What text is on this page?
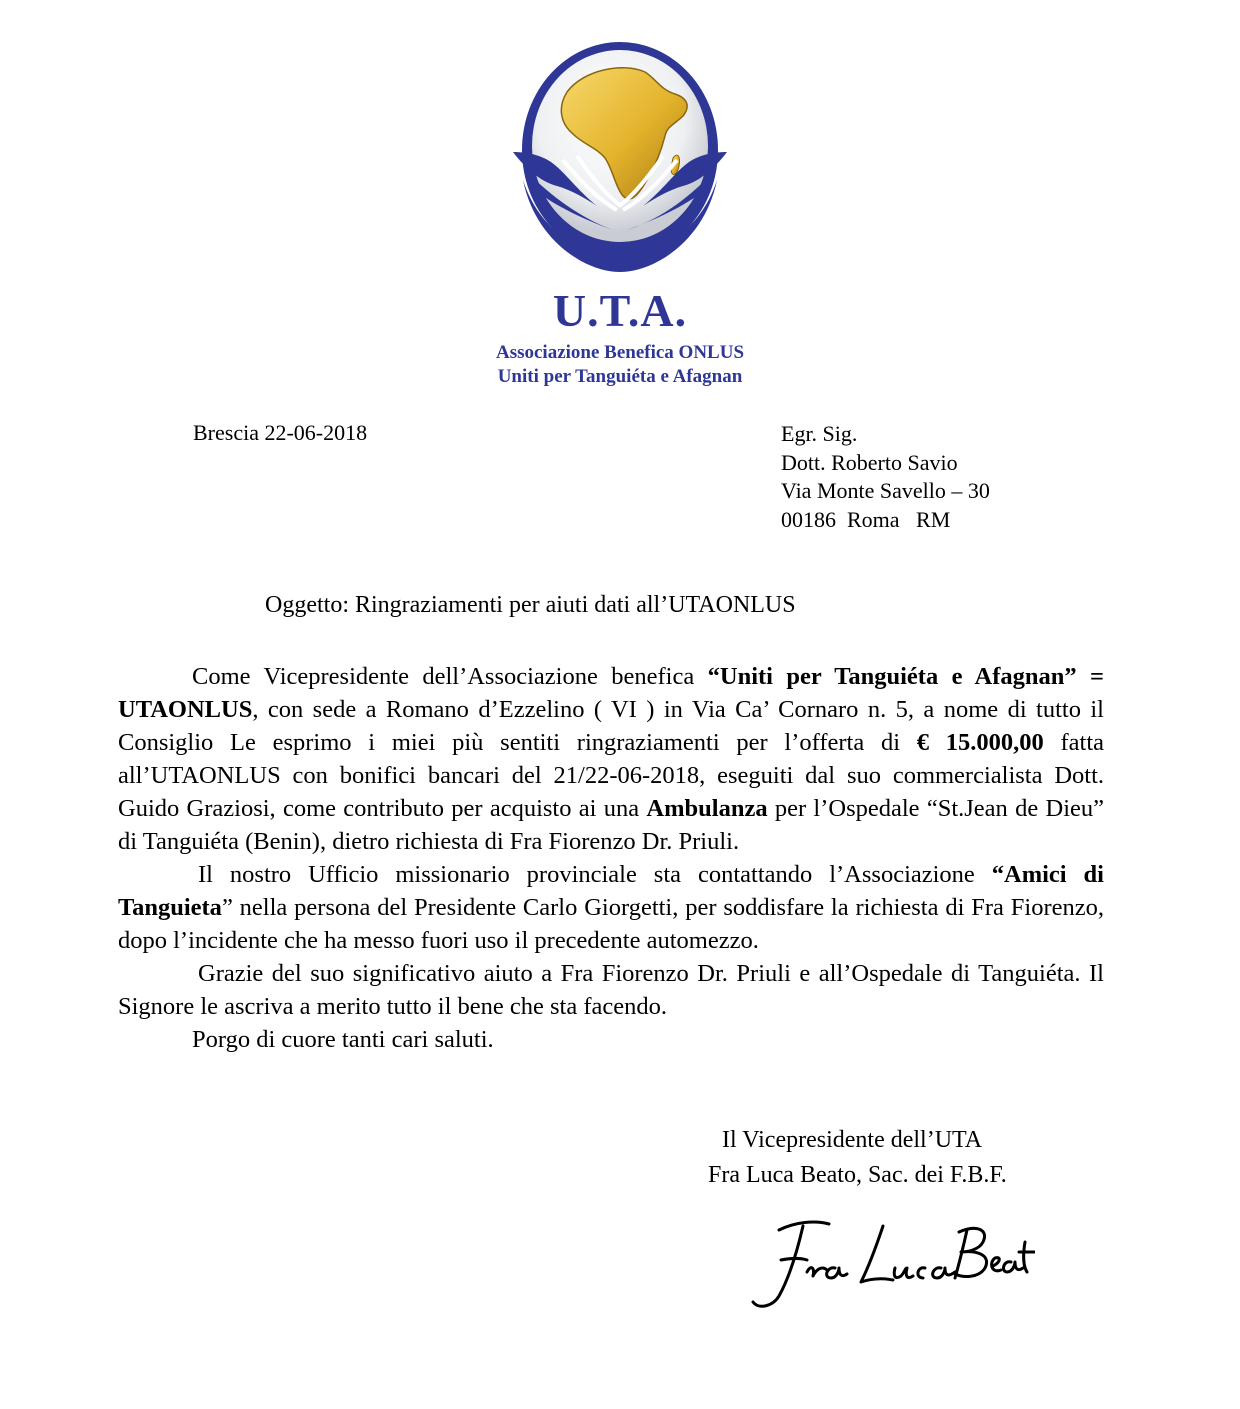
U.T.A.
Associazione Benefica ONLUS
Uniti per Tanguiéta e Afagnan
Brescia 22-06-2018	Egr. Sig.
Dott. Roberto Savio
Via Monte Savello – 30
00186  Roma   RM
Oggetto: Ringraziamenti per aiuti dati all’UTAONLUS

Come Vicepresidente dell’Associazione benefica “Uniti per Tanguiéta e Afagnan” = UTAONLUS, con sede a Romano d’Ezzelino ( VI ) in Via Ca’ Cornaro n. 5, a nome di tutto il Consiglio Le esprimo i miei più sentiti ringraziamenti per l’offerta di € 15.000,00 fatta all’UTAONLUS con bonifici bancari del 21/22-06-2018, eseguiti dal suo commercialista Dott. Guido Graziosi, come contributo per acquisto ai una Ambulanza per l’Ospedale “St.Jean de Dieu” di Tanguiéta (Benin), dietro richiesta di Fra Fiorenzo Dr. Priuli.

Il nostro Ufficio missionario provinciale sta contattando l’Associazione “Amici di Tanguieta” nella persona del Presidente Carlo Giorgetti, per soddisfare la richiesta di Fra Fiorenzo, dopo l’incidente che ha messo fuori uso il precedente automezzo.

Grazie del suo significativo aiuto a Fra Fiorenzo Dr. Priuli e all’Ospedale di Tanguiéta. Il Signore le ascriva a merito tutto il bene che sta facendo.

Porgo di cuore tanti cari saluti.

Il Vicepresidente dell’UTA
Fra Luca Beato, Sac. dei F.B.F.
